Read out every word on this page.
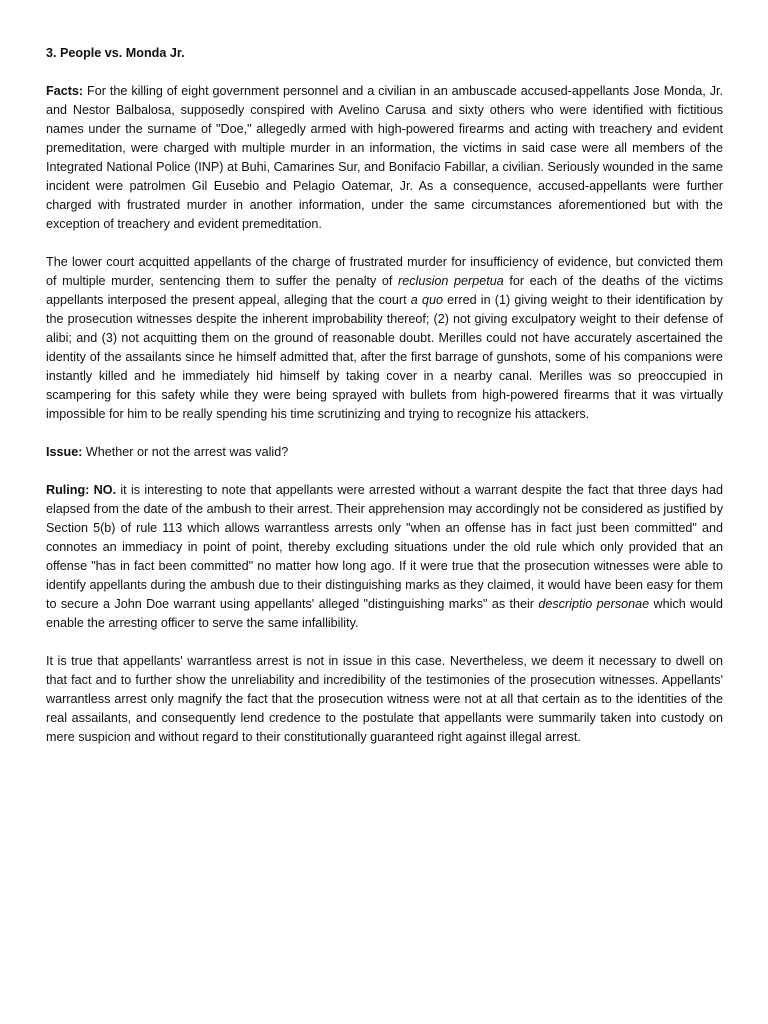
3. People vs. Monda Jr.

Facts: For the killing of eight government personnel and a civilian in an ambuscade accused-appellants Jose Monda, Jr. and Nestor Balbalosa, supposedly conspired with Avelino Carusa and sixty others who were identified with fictitious names under the surname of "Doe," allegedly armed with high-powered firearms and acting with treachery and evident premeditation, were charged with multiple murder in an information, the victims in said case were all members of the Integrated National Police (INP) at Buhi, Camarines Sur, and Bonifacio Fabillar, a civilian. Seriously wounded in the same incident were patrolmen Gil Eusebio and Pelagio Oatemar, Jr. As a consequence, accused-appellants were further charged with frustrated murder in another information, under the same circumstances aforementioned but with the exception of treachery and evident premeditation.

The lower court acquitted appellants of the charge of frustrated murder for insufficiency of evidence, but convicted them of multiple murder, sentencing them to suffer the penalty of reclusion perpetua for each of the deaths of the victims appellants interposed the present appeal, alleging that the court a quo erred in (1) giving weight to their identification by the prosecution witnesses despite the inherent improbability thereof; (2) not giving exculpatory weight to their defense of alibi; and (3) not acquitting them on the ground of reasonable doubt. Merilles could not have accurately ascertained the identity of the assailants since he himself admitted that, after the first barrage of gunshots, some of his companions were instantly killed and he immediately hid himself by taking cover in a nearby canal. Merilles was so preoccupied in scampering for this safety while they were being sprayed with bullets from high-powered firearms that it was virtually impossible for him to be really spending his time scrutinizing and trying to recognize his attackers.

Issue: Whether or not the arrest was valid?

Ruling: NO. it is interesting to note that appellants were arrested without a warrant despite the fact that three days had elapsed from the date of the ambush to their arrest. Their apprehension may accordingly not be considered as justified by Section 5(b) of rule 113 which allows warrantless arrests only "when an offense has in fact just been committed" and connotes an immediacy in point of point, thereby excluding situations under the old rule which only provided that an offense "has in fact been committed" no matter how long ago. If it were true that the prosecution witnesses were able to identify appellants during the ambush due to their distinguishing marks as they claimed, it would have been easy for them to secure a John Doe warrant using appellants' alleged "distinguishing marks" as their descriptio personae which would enable the arresting officer to serve the same infallibility.

It is true that appellants' warrantless arrest is not in issue in this case. Nevertheless, we deem it necessary to dwell on that fact and to further show the unreliability and incredibility of the testimonies of the prosecution witnesses. Appellants' warrantless arrest only magnify the fact that the prosecution witness were not at all that certain as to the identities of the real assailants, and consequently lend credence to the postulate that appellants were summarily taken into custody on mere suspicion and without regard to their constitutionally guaranteed right against illegal arrest.
